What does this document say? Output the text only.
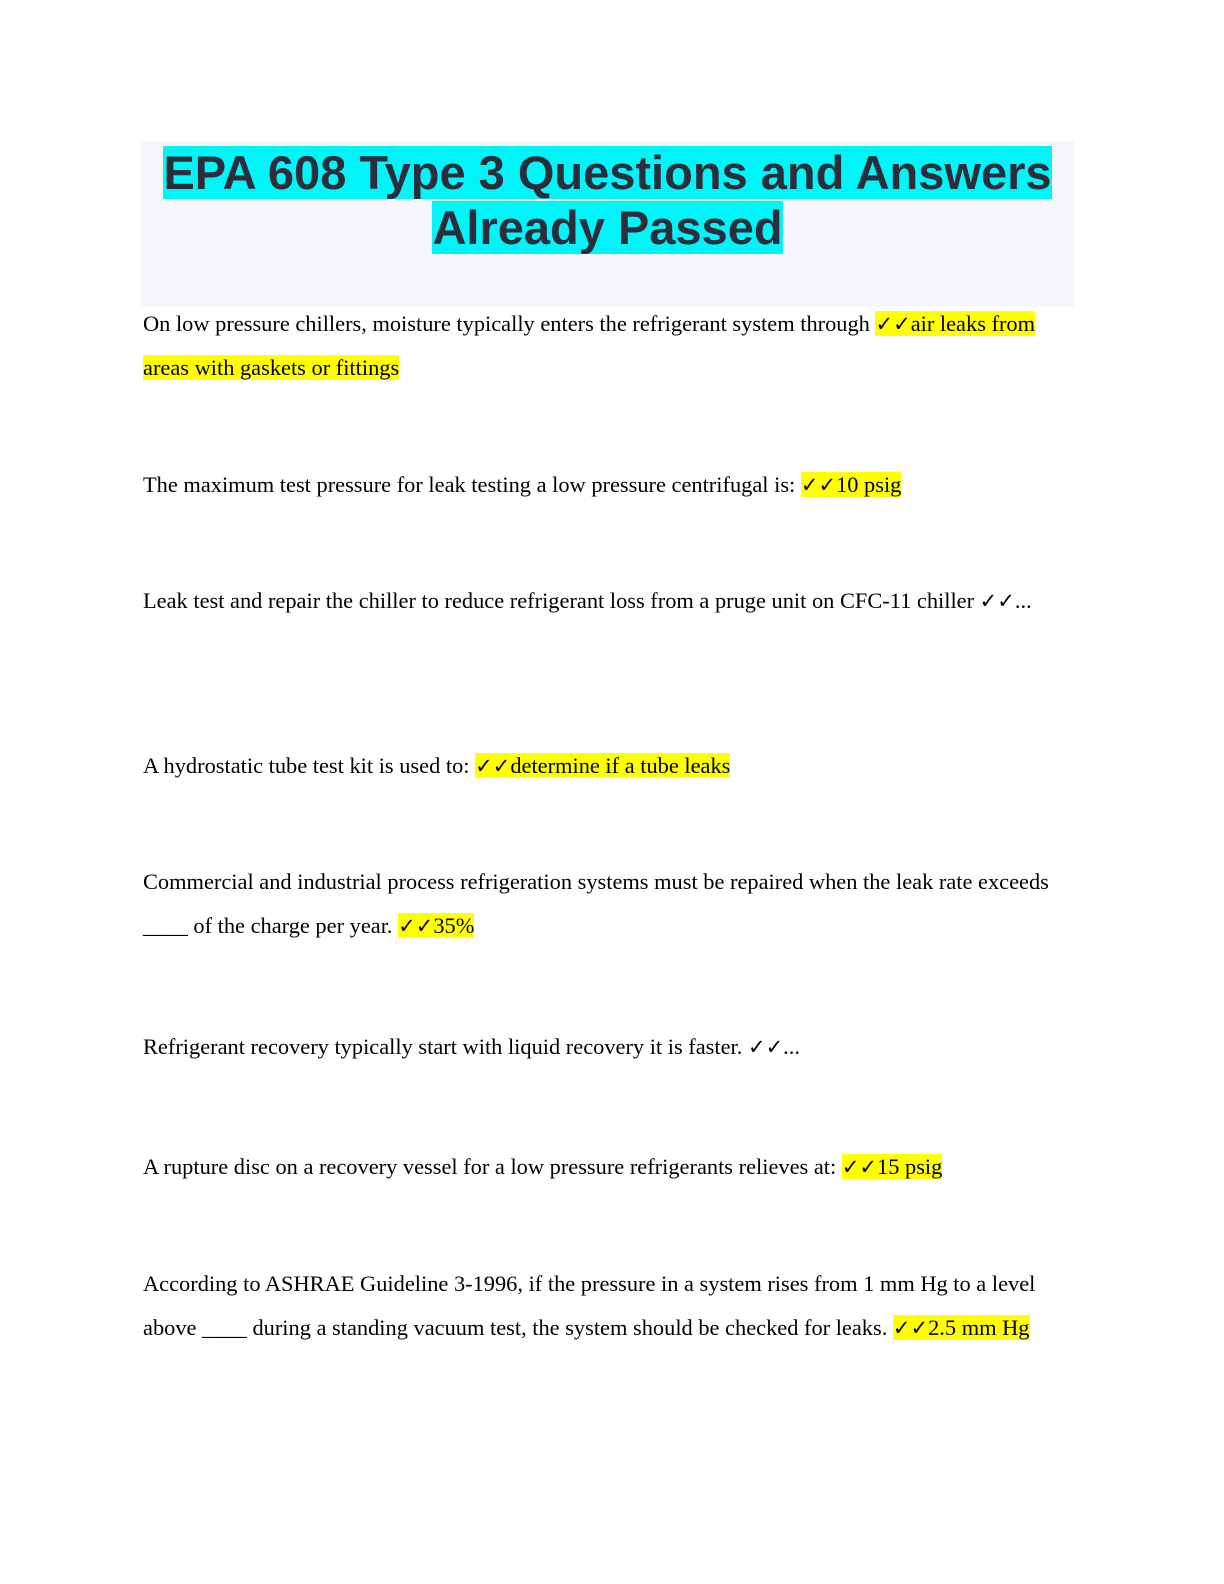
EPA 608 Type 3 Questions and Answers
Already Passed

On low pressure chillers, moisture typically enters the refrigerant system through ✓✓air leaks from areas with gaskets or fittings

The maximum test pressure for leak testing a low pressure centrifugal is: ✓✓10 psig

Leak test and repair the chiller to reduce refrigerant loss from a pruge unit on CFC-11 chiller ✓✓...

A hydrostatic tube test kit is used to: ✓✓determine if a tube leaks

Commercial and industrial process refrigeration systems must be repaired when the leak rate exceeds ____ of the charge per year. ✓✓35%

Refrigerant recovery typically start with liquid recovery it is faster. ✓✓...

A rupture disc on a recovery vessel for a low pressure refrigerants relieves at: ✓✓15 psig

According to ASHRAE Guideline 3-1996, if the pressure in a system rises from 1 mm Hg to a level above ____ during a standing vacuum test, the system should be checked for leaks. ✓✓2.5 mm Hg
